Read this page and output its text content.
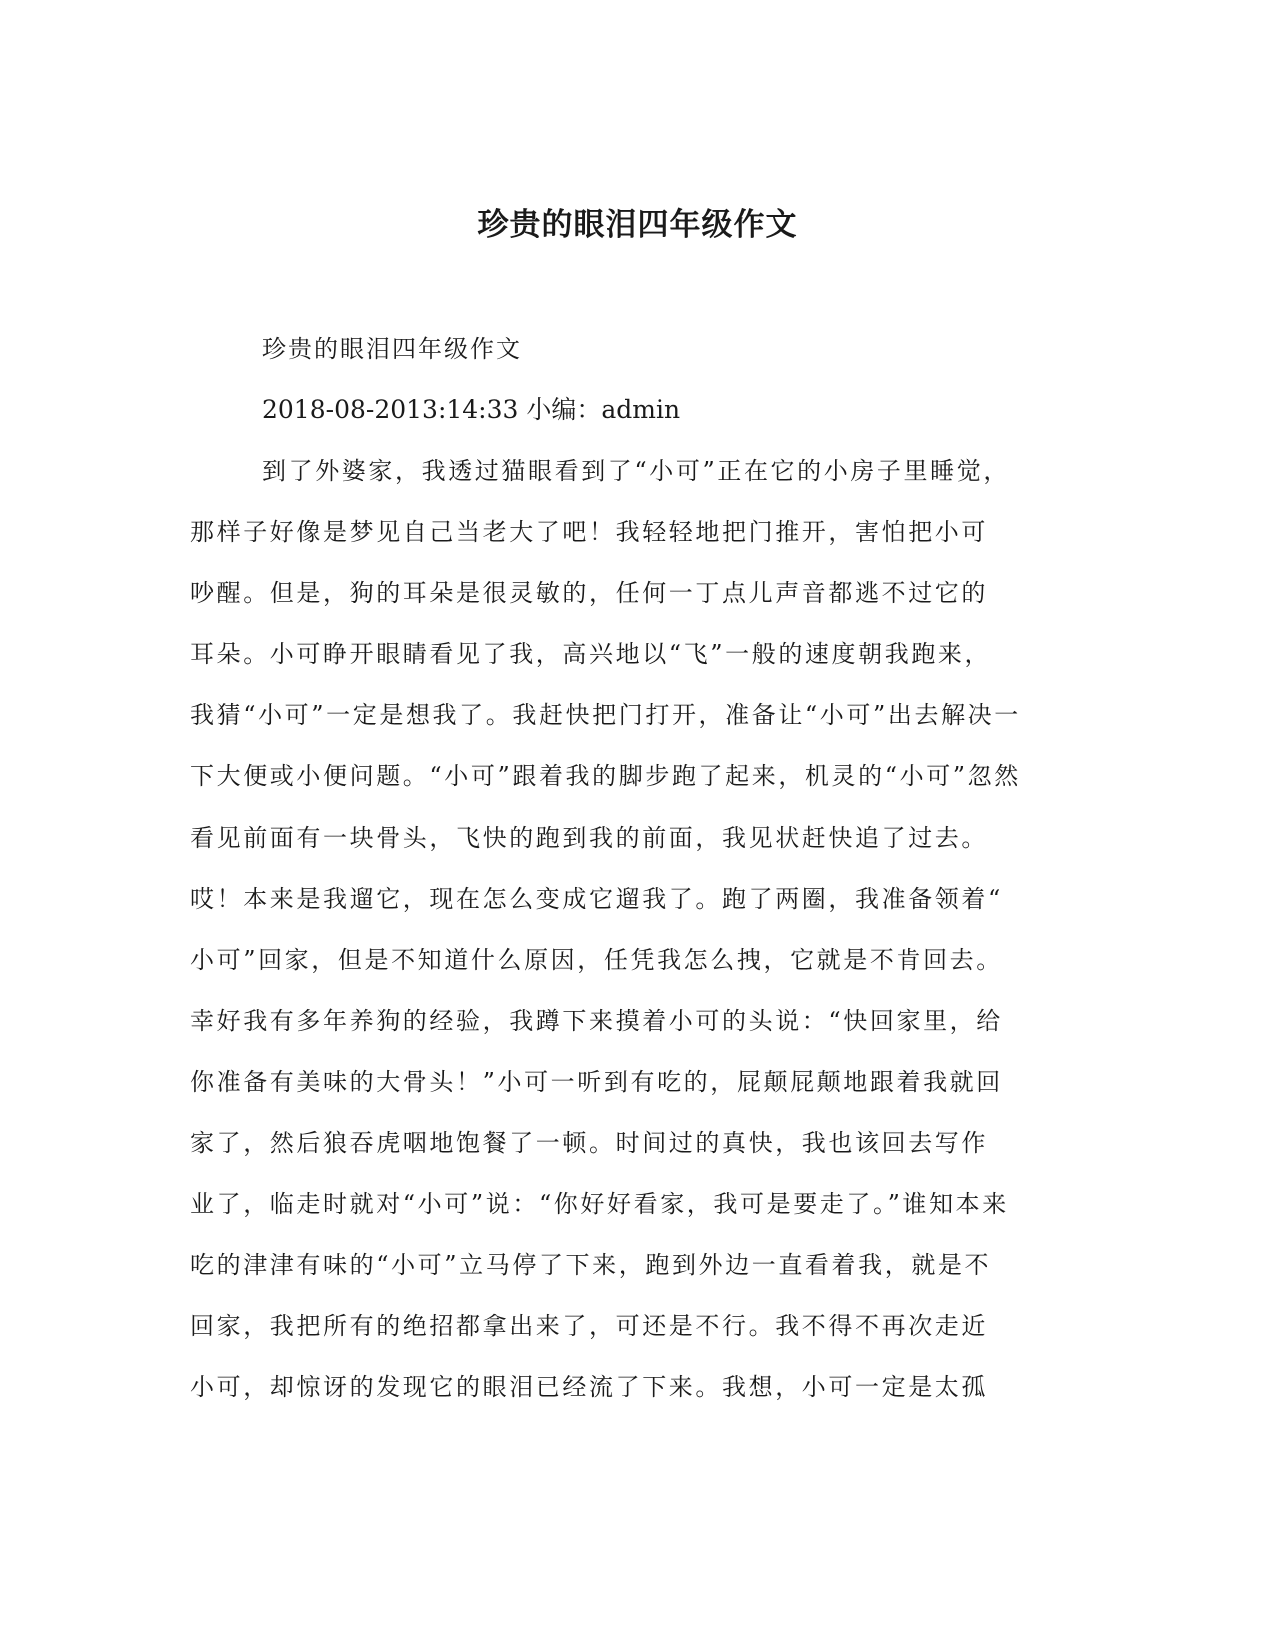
珍贵的眼泪四年级作文
珍贵的眼泪四年级作文
2018-08-2013:14:33 小编：admin
到了外婆家，我透过猫眼看到了“小可”正在它的小房子里睡觉，
那样子好像是梦见自己当老大了吧！我轻轻地把门推开，害怕把小可
吵醒。但是，狗的耳朵是很灵敏的，任何一丁点儿声音都逃不过它的
耳朵。小可睁开眼睛看见了我，高兴地以“飞”一般的速度朝我跑来，
我猜“小可”一定是想我了。我赶快把门打开，准备让“小可”出去解决一
下大便或小便问题。“小可”跟着我的脚步跑了起来，机灵的“小可”忽然
看见前面有一块骨头，飞快的跑到我的前面，我见状赶快追了过去。
哎！本来是我遛它，现在怎么变成它遛我了。跑了两圈，我准备领着“
小可”回家，但是不知道什么原因，任凭我怎么拽，它就是不肯回去。
幸好我有多年养狗的经验，我蹲下来摸着小可的头说：“快回家里，给
你准备有美味的大骨头！”小可一听到有吃的，屁颠屁颠地跟着我就回
家了，然后狼吞虎咽地饱餐了一顿。时间过的真快，我也该回去写作
业了，临走时就对“小可”说：“你好好看家，我可是要走了。”谁知本来
吃的津津有味的“小可”立马停了下来，跑到外边一直看着我，就是不
回家，我把所有的绝招都拿出来了，可还是不行。我不得不再次走近
小可，却惊讶的发现它的眼泪已经流了下来。我想，小可一定是太孤
